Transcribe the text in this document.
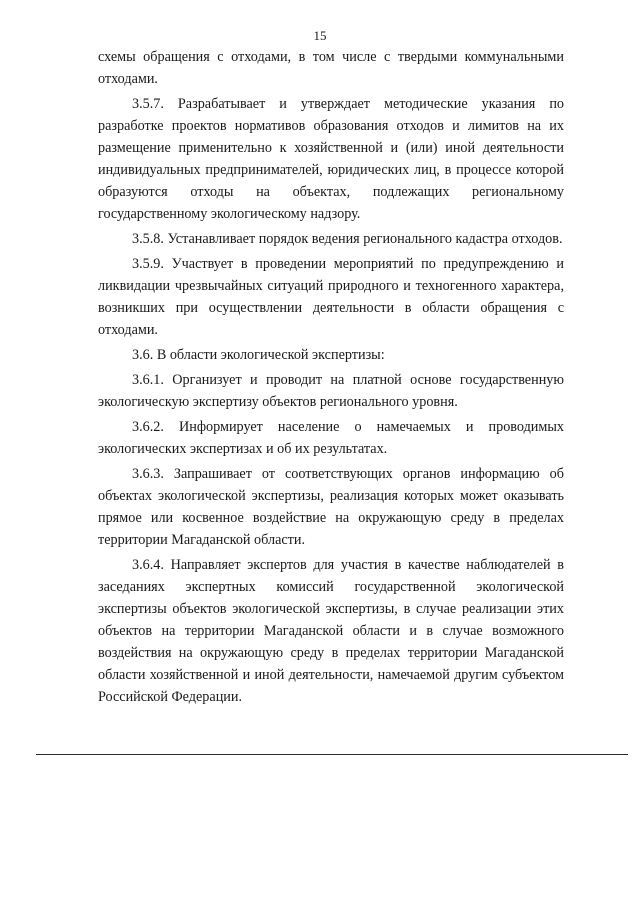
15

схемы обращения с отходами, в том числе с твердыми коммунальными отходами.

3.5.7. Разрабатывает и утверждает методические указания по разработке проектов нормативов образования отходов и лимитов на их размещение применительно к хозяйственной и (или) иной деятельности индивидуальных предпринимателей, юридических лиц, в процессе которой образуются отходы на объектах, подлежащих региональному государственному экологическому надзору.

3.5.8. Устанавливает порядок ведения регионального кадастра отходов.

3.5.9. Участвует в проведении мероприятий по предупреждению и ликвидации чрезвычайных ситуаций природного и техногенного характера, возникших при осуществлении деятельности в области обращения с отходами.

3.6. В области экологической экспертизы:

3.6.1. Организует и проводит на платной основе государственную экологическую экспертизу объектов регионального уровня.

3.6.2. Информирует население о намечаемых и проводимых экологических экспертизах и об их результатах.

3.6.3. Запрашивает от соответствующих органов информацию об объектах экологической экспертизы, реализация которых может оказывать прямое или косвенное воздействие на окружающую среду в пределах территории Магаданской области.

3.6.4. Направляет экспертов для участия в качестве наблюдателей в заседаниях экспертных комиссий государственной экологической экспертизы объектов экологической экспертизы, в случае реализации этих объектов на территории Магаданской области и в случае возможного воздействия на окружающую среду в пределах территории Магаданской области хозяйственной и иной деятельности, намечаемой другим субъектом Российской Федерации.
